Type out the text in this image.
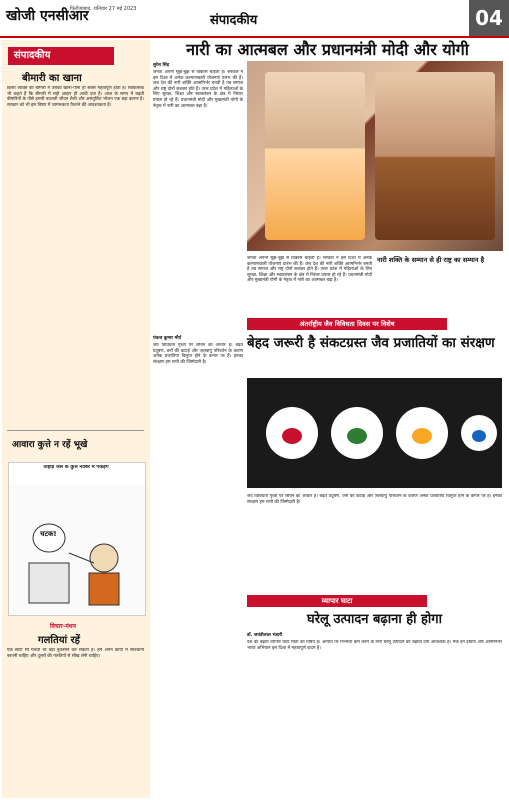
खोजी एनसीआर
फिरोज़ाबाद, शनिवार 27 मई 2023
संपादकीय	04
संपादकीय
बीमारी का खाना
किसी व्यक्ति की बीमारी में उसका खाना-पीना ही सबसे महत्वपूर्ण होता है। चिकित्सक भी कहते हैं कि बीमारी में सही आहार ही आधी दवा है। आज के समय में बढ़ती बीमारियों के पीछे हमारी बदलती जीवन शैली और असंतुलित भोजन एक बड़ा कारण है। सरकार को भी इस विषय में जागरूकता फैलाने की आवश्यकता है।
आवारा कुत्ते न रहें भूखे
तिहाड़ जेल के कुत्ते नवंबर में पकड़ेंगे
चटक!
विचार-मंथन
गलतियां रहें
एक छोटी सी गलती भी बड़ा नुकसान कर सकती है। हमें अपने कार्यों में सावधानी बरतनी चाहिए और दूसरों की गलतियों से सीख लेनी चाहिए।
नारी का आत्मबल और प्रधानमंत्री मोदी और योगी
सुरेश सिंह
जनता अपनी सूझ-बूझ से विकास चाहती है। सरकार ने इस दिशा में अनेक कल्याणकारी योजनाएं प्रारंभ की हैं। जब देश की नारी शक्ति आत्मनिर्भर बनती है तब समाज और राष्ट्र दोनों सशक्त होते हैं। उत्तर प्रदेश में महिलाओं के लिए सुरक्षा, शिक्षा और स्वावलंबन के क्षेत्र में निरंतर प्रयास हो रहे हैं। प्रधानमंत्री मोदी और मुख्यमंत्री योगी के नेतृत्व में नारी का आत्मबल बढ़ा है।
जनता अपनी सूझ-बूझ से विकास चाहती है। सरकार ने इस दिशा में अनेक कल्याणकारी योजनाएं प्रारंभ की हैं। जब देश की नारी शक्ति आत्मनिर्भर बनती है तब समाज और राष्ट्र दोनों सशक्त होते हैं। उत्तर प्रदेश में महिलाओं के लिए सुरक्षा, शिक्षा और स्वावलंबन के क्षेत्र में निरंतर प्रयास हो रहे हैं। प्रधानमंत्री मोदी और मुख्यमंत्री योगी के नेतृत्व में नारी का आत्मबल बढ़ा है।
नारी शक्ति के सम्मान से ही राष्ट्र का सम्मान है
अंतर्राष्ट्रीय जैव विविधता दिवस पर विशेष
बेहद जरूरी है संकटग्रस्त जैव प्रजातियों का संरक्षण
पंकज कुमार मौर्य
जैव विविधता पृथ्वी पर जीवन का आधार है। बढ़ते प्रदूषण, वनों की कटाई और जलवायु परिवर्तन के कारण अनेक प्रजातियां विलुप्त होने के कगार पर हैं। इनका संरक्षण हम सभी की जिम्मेदारी है।
जैव विविधता पृथ्वी पर जीवन का आधार है। बढ़ते प्रदूषण, वनों की कटाई और जलवायु परिवर्तन के कारण अनेक प्रजातियां विलुप्त होने के कगार पर हैं। इनका संरक्षण हम सभी की जिम्मेदारी है।
व्यापार घाटा
घरेलू उत्पादन बढ़ाना ही होगा
डॉ. जयंतीलाल भंडारी
देश का बढ़ता व्यापार घाटा चिंता का विषय है। आयात पर निर्भरता कम करने के लिए घरेलू उत्पादन को बढ़ावा देना आवश्यक है। मेक इन इंडिया और आत्मनिर्भर भारत अभियान इस दिशा में महत्वपूर्ण कदम हैं।
